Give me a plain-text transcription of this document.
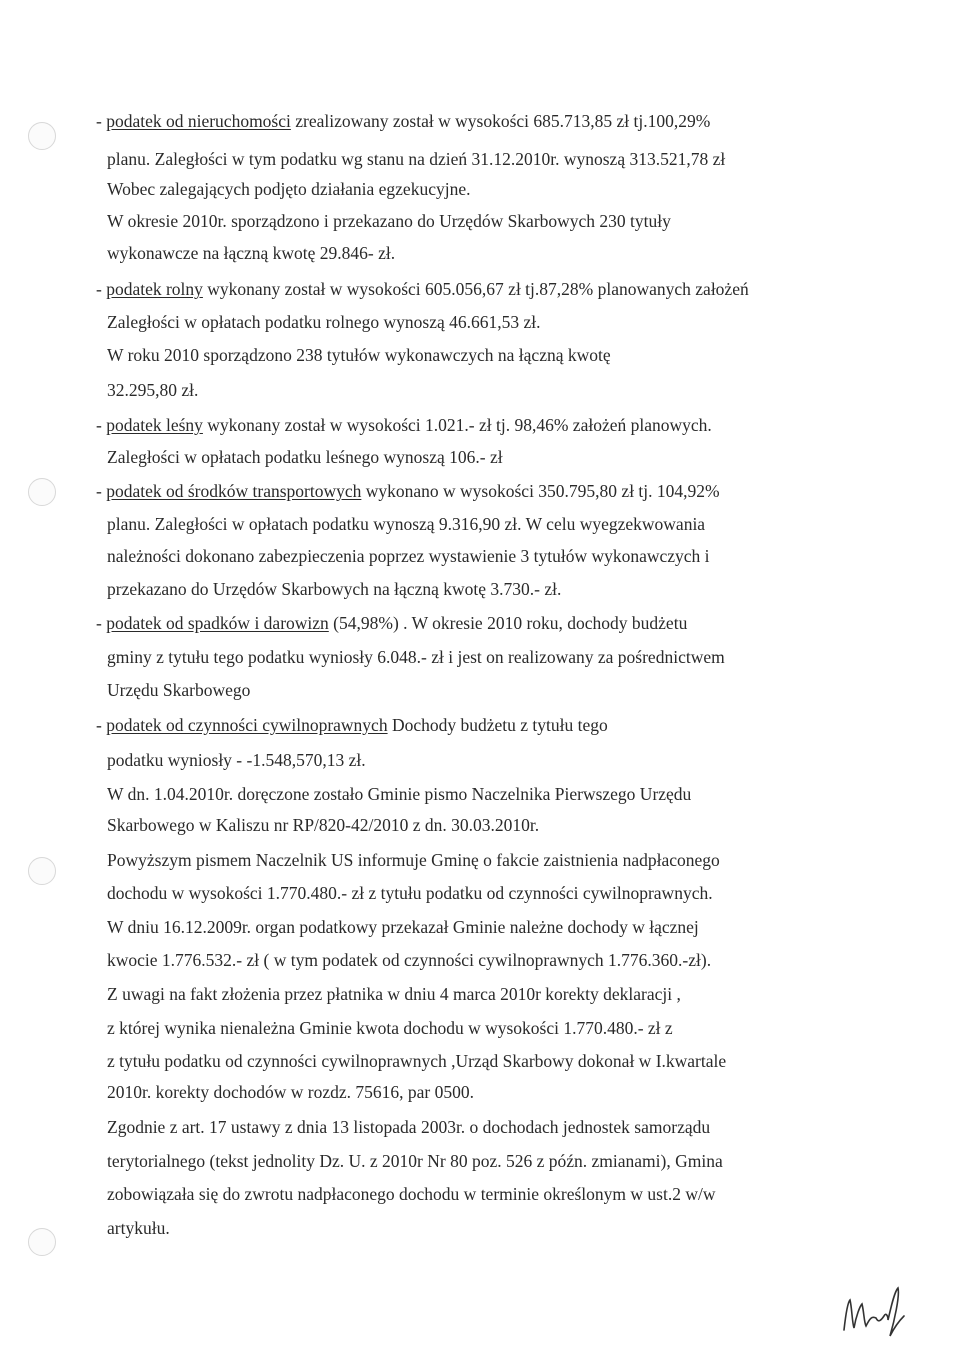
- podatek od nieruchomości zrealizowany został w wysokości 685.713,85 zł tj.100,29%

planu. Zaległości w tym podatku wg stanu na dzień 31.12.2010r. wynoszą 313.521,78 zł

Wobec zalegających podjęto działania egzekucyjne.

W okresie 2010r. sporządzono i przekazano do Urzędów Skarbowych 230 tytuły

wykonawcze na łączną kwotę 29.846- zł.

- podatek rolny wykonany został w wysokości 605.056,67 zł tj.87,28% planowanych założeń

Zaległości w opłatach podatku rolnego wynoszą 46.661,53 zł.

W roku 2010 sporządzono 238 tytułów wykonawczych na łączną kwotę

32.295,80 zł.

- podatek leśny wykonany został w wysokości 1.021.- zł tj. 98,46% założeń planowych.

Zaległości w opłatach podatku leśnego wynoszą 106.- zł

- podatek od środków transportowych wykonano w wysokości 350.795,80 zł tj. 104,92%

planu. Zaległości w opłatach podatku wynoszą 9.316,90 zł. W celu wyegzekwowania

należności dokonano zabezpieczenia poprzez wystawienie 3 tytułów wykonawczych i

przekazano do Urzędów Skarbowych na łączną kwotę 3.730.- zł.

- podatek od spadków i darowizn (54,98%) . W okresie 2010 roku, dochody budżetu

gminy z tytułu tego podatku wyniosły 6.048.- zł i jest on realizowany za pośrednictwem

Urzędu Skarbowego

- podatek od czynności cywilnoprawnych Dochody budżetu z tytułu tego

podatku wyniosły - -1.548,570,13 zł.

W dn. 1.04.2010r. doręczone zostało Gminie pismo Naczelnika Pierwszego Urzędu

Skarbowego w Kaliszu nr RP/820-42/2010 z dn. 30.03.2010r.

Powyższym pismem Naczelnik US informuje Gminę o fakcie zaistnienia nadpłaconego

dochodu w wysokości 1.770.480.- zł z tytułu podatku od czynności cywilnoprawnych.

W dniu 16.12.2009r. organ podatkowy przekazał Gminie należne dochody w łącznej

kwocie 1.776.532.- zł ( w tym podatek od czynności cywilnoprawnych 1.776.360.-zł).

Z uwagi na fakt złożenia przez płatnika w dniu 4 marca 2010r korekty deklaracji ,

z której wynika nienależna Gminie kwota dochodu w wysokości 1.770.480.- zł z

z tytułu podatku od czynności cywilnoprawnych ,Urząd Skarbowy dokonał w I.kwartale

2010r. korekty dochodów w rozdz. 75616, par 0500.

Zgodnie z art. 17 ustawy z dnia 13 listopada 2003r. o dochodach jednostek samorządu

terytorialnego (tekst jednolity Dz. U. z 2010r Nr 80 poz. 526 z późn. zmianami), Gmina

zobowiązała się do zwrotu nadpłaconego dochodu w terminie określonym w ust.2 w/w

artykułu.
